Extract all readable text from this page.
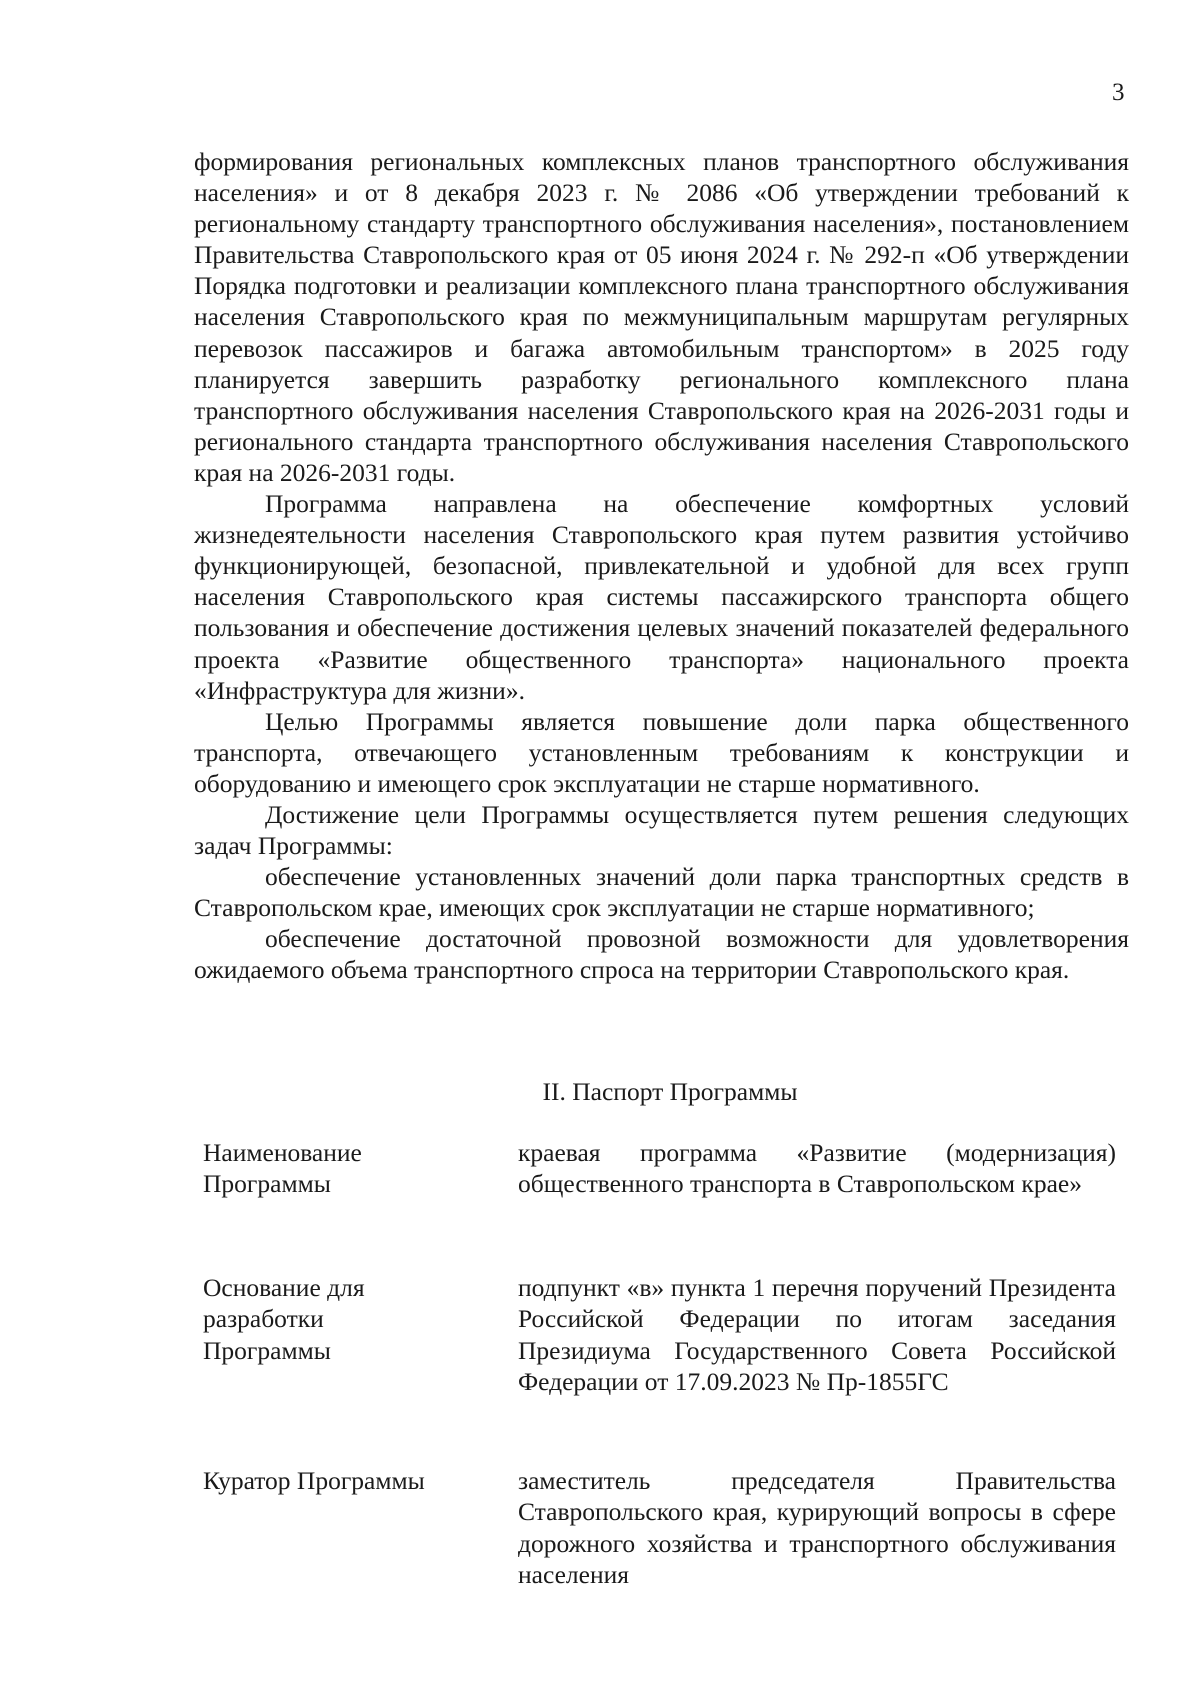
3

формирования региональных комплексных планов транспортного обслуживания населения» и от 8 декабря 2023 г. № 2086 «Об утверждении требований к региональному стандарту транспортного обслуживания населения», постановлением Правительства Ставропольского края от 05 июня 2024 г. № 292-п «Об утверждении Порядка подготовки и реализации комплексного плана транспортного обслуживания населения Ставропольского края по межмуниципальным маршрутам регулярных перевозок пассажиров и багажа автомобильным транспортом» в 2025 году планируется завершить разработку регионального комплексного плана транспортного обслуживания населения Ставропольского края на 2026-2031 годы и регионального стандарта транспортного обслуживания населения Ставропольского края на 2026-2031 годы.

Программа направлена на обеспечение комфортных условий жизнедеятельности населения Ставропольского края путем развития устойчиво функционирующей, безопасной, привлекательной и удобной для всех групп населения Ставропольского края системы пассажирского транспорта общего пользования и обеспечение достижения целевых значений показателей федерального проекта «Развитие общественного транспорта» национального проекта «Инфраструктура для жизни».

Целью Программы является повышение доли парка общественного транспорта, отвечающего установленным требованиям к конструкции и оборудованию и имеющего срок эксплуатации не старше нормативного.

Достижение цели Программы осуществляется путем решения следующих задач Программы:

обеспечение установленных значений доли парка транспортных средств в Ставропольском крае, имеющих срок эксплуатации не старше нормативного;

обеспечение достаточной провозной возможности для удовлетворения ожидаемого объема транспортного спроса на территории Ставропольского края.

II. Паспорт Программы
Наименование Программы
краевая программа «Развитие (модернизация) общественного транспорта в Ставропольском крае»
Основание для разработки Программы
подпункт «в» пункта 1 перечня поручений Президента Российской Федерации по итогам заседания Президиума Государственного Совета Российской Федерации от 17.09.2023 № Пр-1855ГС
Куратор Программы	заместитель председателя Правительства Ставропольского края, курирующий вопросы в сфере дорожного хозяйства и транспортного обслуживания населения
